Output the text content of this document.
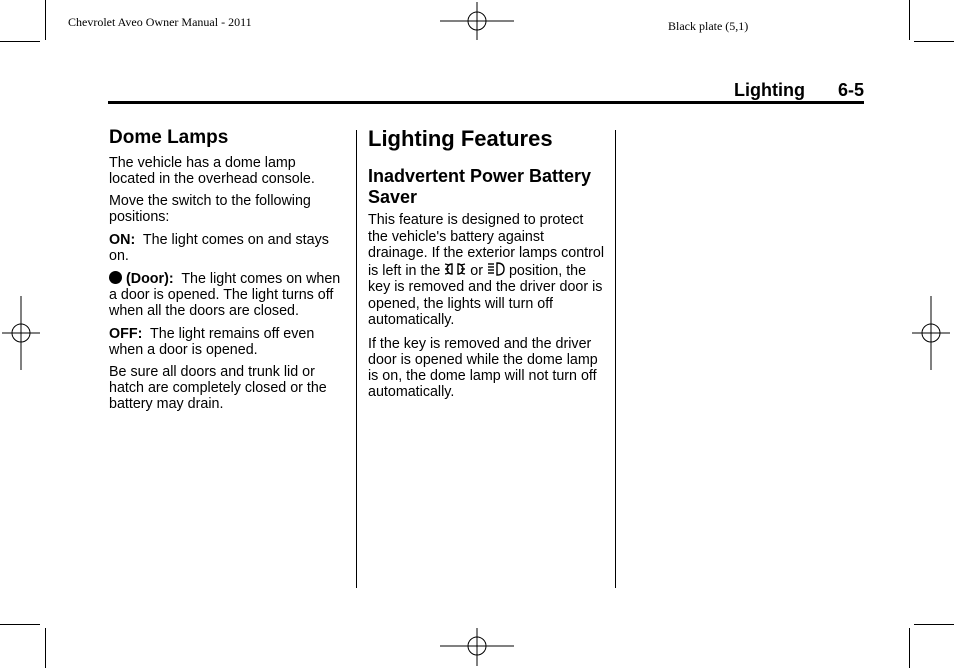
Chevrolet Aveo Owner Manual - 2011	Black plate (5,1)
Lighting 6-5
Dome Lamps

The vehicle has a dome lamp located in the overhead console.

Move the switch to the following positions:

ON: The light comes on and stays on.

(Door): The light comes on when a door is opened. The light turns off when all the doors are closed.

OFF: The light remains off even when a door is opened.

Be sure all doors and trunk lid or hatch are completely closed or the battery may drain.

Lighting Features
Inadvertent Power Battery
Saver

This feature is designed to protect the vehicle's battery against drainage. If the exterior lamps control is left in the or position, the key is removed and the driver door is opened, the lights will turn off automatically.

If the key is removed and the driver door is opened while the dome lamp is on, the dome lamp will not turn off automatically.
